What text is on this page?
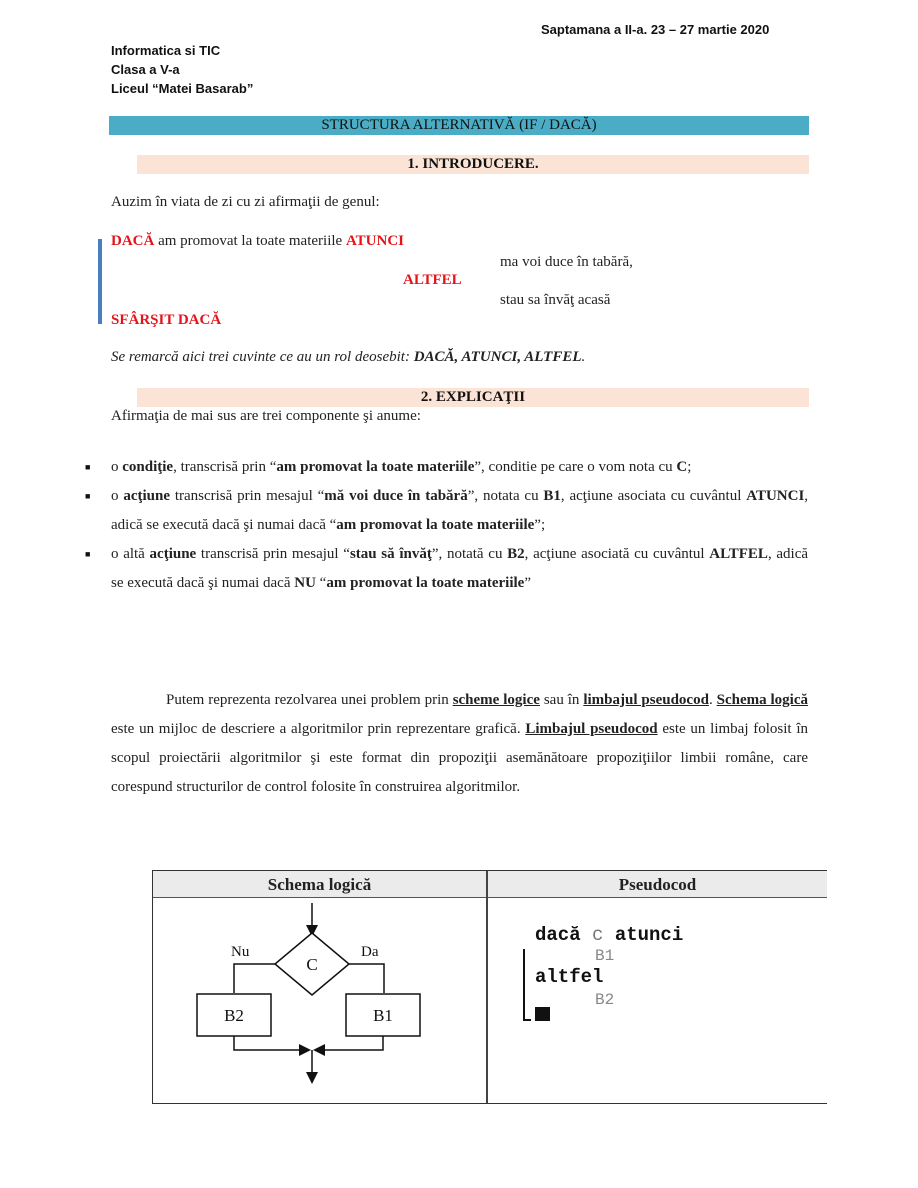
Saptamana a II-a. 23 – 27 martie 2020
Informatica si TIC
Clasa a V-a
Liceul “Matei Basarab”
STRUCTURA ALTERNATIVĂ (IF / DACĂ)
1. INTRODUCERE.
Auzim în viata de zi cu zi afirmaţii de genul:
DACĂ am promovat la toate materiile ATUNCI
ma voi duce în tabără,
ALTFEL
stau sa învăţ acasă
SFÂRŞIT DACĂ
Se remarcă aici trei cuvinte ce au un rol deosebit: DACĂ, ATUNCI, ALTFEL.
2. EXPLICAŢII
Afirmaţia de mai sus are trei componente şi anume:
■ o condiţie, transcrisă prin “am promovat la toate materiile”, conditie pe care o vom nota cu C;
■ o acţiune transcrisă prin mesajul “mă voi duce în tabără”, notata cu B1, acţiune asociata cu cuvântul ATUNCI, adică se execută dacă şi numai dacă “am promovat la toate materiile”;
■ o altă acţiune transcrisă prin mesajul “stau să învăţ”, notată cu B2, acţiune asociată cu cuvântul ALTFEL, adică se execută dacă şi numai dacă NU “am promovat la toate materiile”
Putem reprezenta rezolvarea unei problem prin scheme logice sau în limbajul pseudocod. Schema logică este un mijloc de descriere a algoritmilor prin reprezentare grafică. Limbajul pseudocod este un limbaj folosit în scopul proiectării algoritmilor şi este format din propoziţii asemănătoare propoziţiilor limbii române, care corespund structurilor de control folosite în construirea algoritmilor.
Schema logică	Pseudocod
C
Nu	Da
B2	B1
dacă c atunci
B1
altfel
B2
